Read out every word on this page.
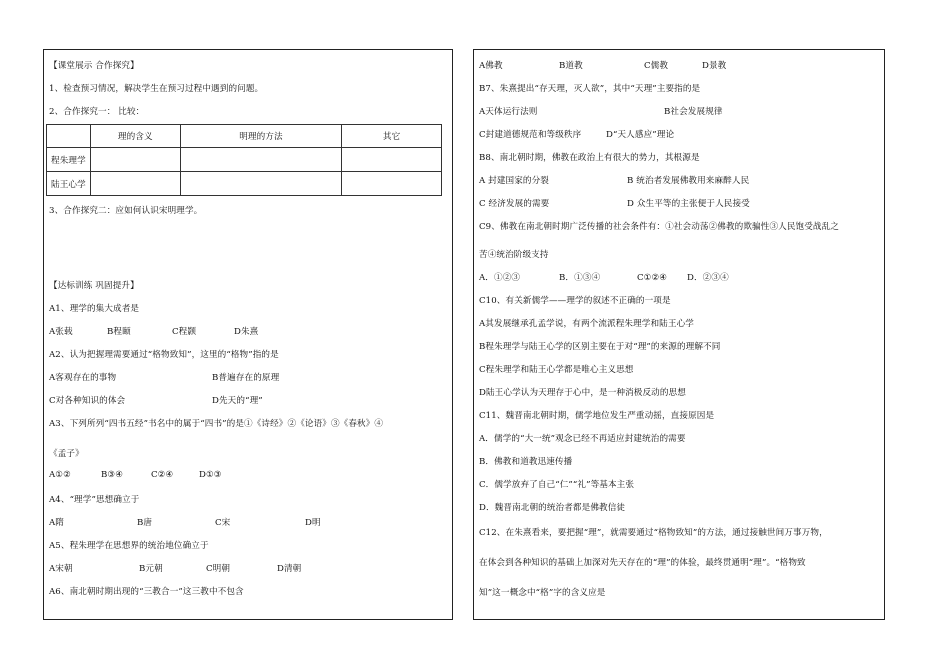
【课堂展示 合作探究】
1、检查预习情况，解决学生在预习过程中遇到的问题。
2、合作探究一： 比较：
	理的含义	明理的方法	其它
程朱理学			
陆王心学			
3、合作探究二：应如何认识宋明理学。
【达标训练 巩固提升】
A1、理学的集大成者是
A张载	B程颐	C程颢	D朱熹
A2、认为把握理需要通过“格物致知”，这里的“格物”指的是
A客观存在的事物	B普遍存在的原理
C对各种知识的体会	D先天的“理”
A3、下列所列“四书五经”书名中的属于“四书”的是①《诗经》②《论语》③《春秋》④
《孟子》
A①②	B③④	C②④	D①③
A4、“理学”思想确立于
A隋	B唐	C宋	D明
A5、程朱理学在思想界的统治地位确立于
A宋朝	B元朝	C明朝	D清朝
A6、南北朝时期出现的“三教合一”这三教中不包含
A佛教	B道教	C儒教	D景教
B7、朱熹提出“存天理，灭人欲”，其中“天理”主要指的是
A天体运行法则	B社会发展规律
C封建道德规范和等级秩序	D“天人感应”理论
B8、南北朝时期，佛教在政治上有很大的势力，其根源是
A 封建国家的分裂	B 统治者发展佛教用来麻醉人民
C 经济发展的需要	D 众生平等的主张便于人民接受
C9、佛教在南北朝时期广泛传播的社会条件有：①社会动荡②佛教的欺骗性③人民饱受战乱之
苦④统治阶级支持
A．①②③	B．①③④	C①②④ D．②③④
C10、有关新儒学——理学的叙述不正确的一项是
A其发展继承孔孟学说，有两个流派程朱理学和陆王心学
B程朱理学与陆王心学的区别主要在于对“理”的来源的理解不同
C程朱理学和陆王心学都是唯心主义思想
D陆王心学认为天理存于心中，是一种消极反动的思想
C11、魏晋南北朝时期，儒学地位发生严重动摇，直接原因是
A．儒学的“大一统”观念已经不再适应封建统治的需要
B．佛教和道教迅速传播
C．儒学放弃了自己“仁”“礼”等基本主张
D．魏晋南北朝的统治者都是佛教信徒
C12、在朱熹看来，要把握“理”，就需要通过“格物致知”的方法，通过接触世间万事万物，
在体会到各种知识的基础上加深对先天存在的“理”的体验，最终贯通明“理”。“格物致
知”这一概念中“格”字的含义应是
